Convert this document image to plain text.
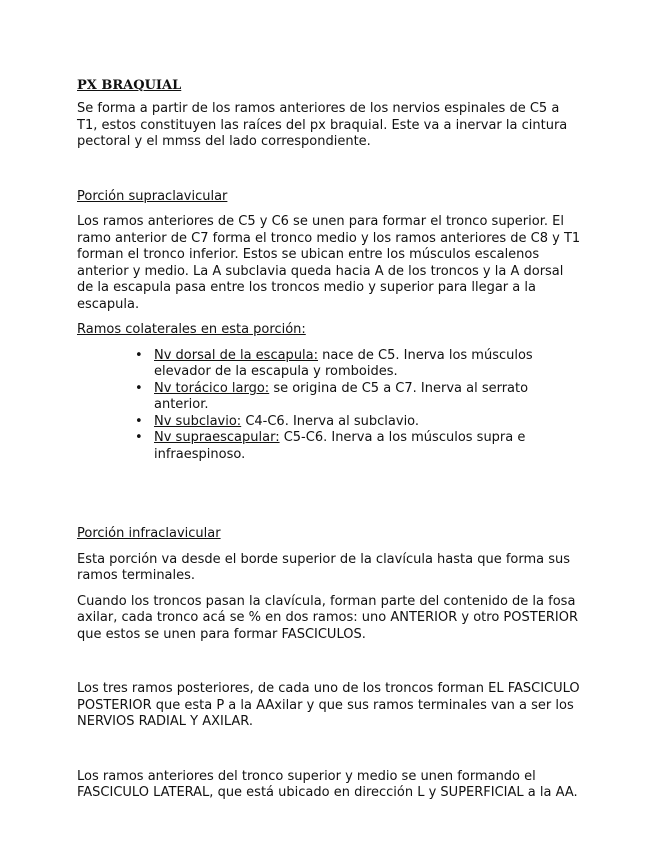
PX BRAQUIAL

Se forma a partir de los ramos anteriores de los nervios espinales de C5 a T1, estos constituyen las raíces del px braquial. Este va a inervar la cintura pectoral y el mmss del lado correspondiente.

Porción supraclavicular

Los ramos anteriores de C5 y C6 se unen para formar el tronco superior. El ramo anterior de C7 forma el tronco medio y los ramos anteriores de C8 y T1 forman el tronco inferior. Estos se ubican entre los músculos escalenos anterior y medio. La A subclavia queda hacia A de los troncos y la A dorsal de la escapula pasa entre los troncos medio y superior para llegar a la escapula.

Ramos colaterales en esta porción:

• Nv dorsal de la escapula: nace de C5. Inerva los músculos elevador de la escapula y romboides.
• Nv torácico largo: se origina de C5 a C7. Inerva al serrato anterior.
• Nv subclavio: C4-C6. Inerva al subclavio.
• Nv supraescapular: C5-C6. Inerva a los músculos supra e infraespinoso.

Porción infraclavicular

Esta porción va desde el borde superior de la clavícula hasta que forma sus ramos terminales.

Cuando los troncos pasan la clavícula, forman parte del contenido de la fosa axilar, cada tronco acá se % en dos ramos: uno ANTERIOR y otro POSTERIOR que estos se unen para formar FASCICULOS.

Los tres ramos posteriores, de cada uno de los troncos forman EL FASCICULO POSTERIOR que esta P a la AAxilar y que sus ramos terminales van a ser los NERVIOS RADIAL Y AXILAR.

Los ramos anteriores del tronco superior y medio se unen formando el FASCICULO LATERAL, que está ubicado en dirección L y SUPERFICIAL a la AA.
